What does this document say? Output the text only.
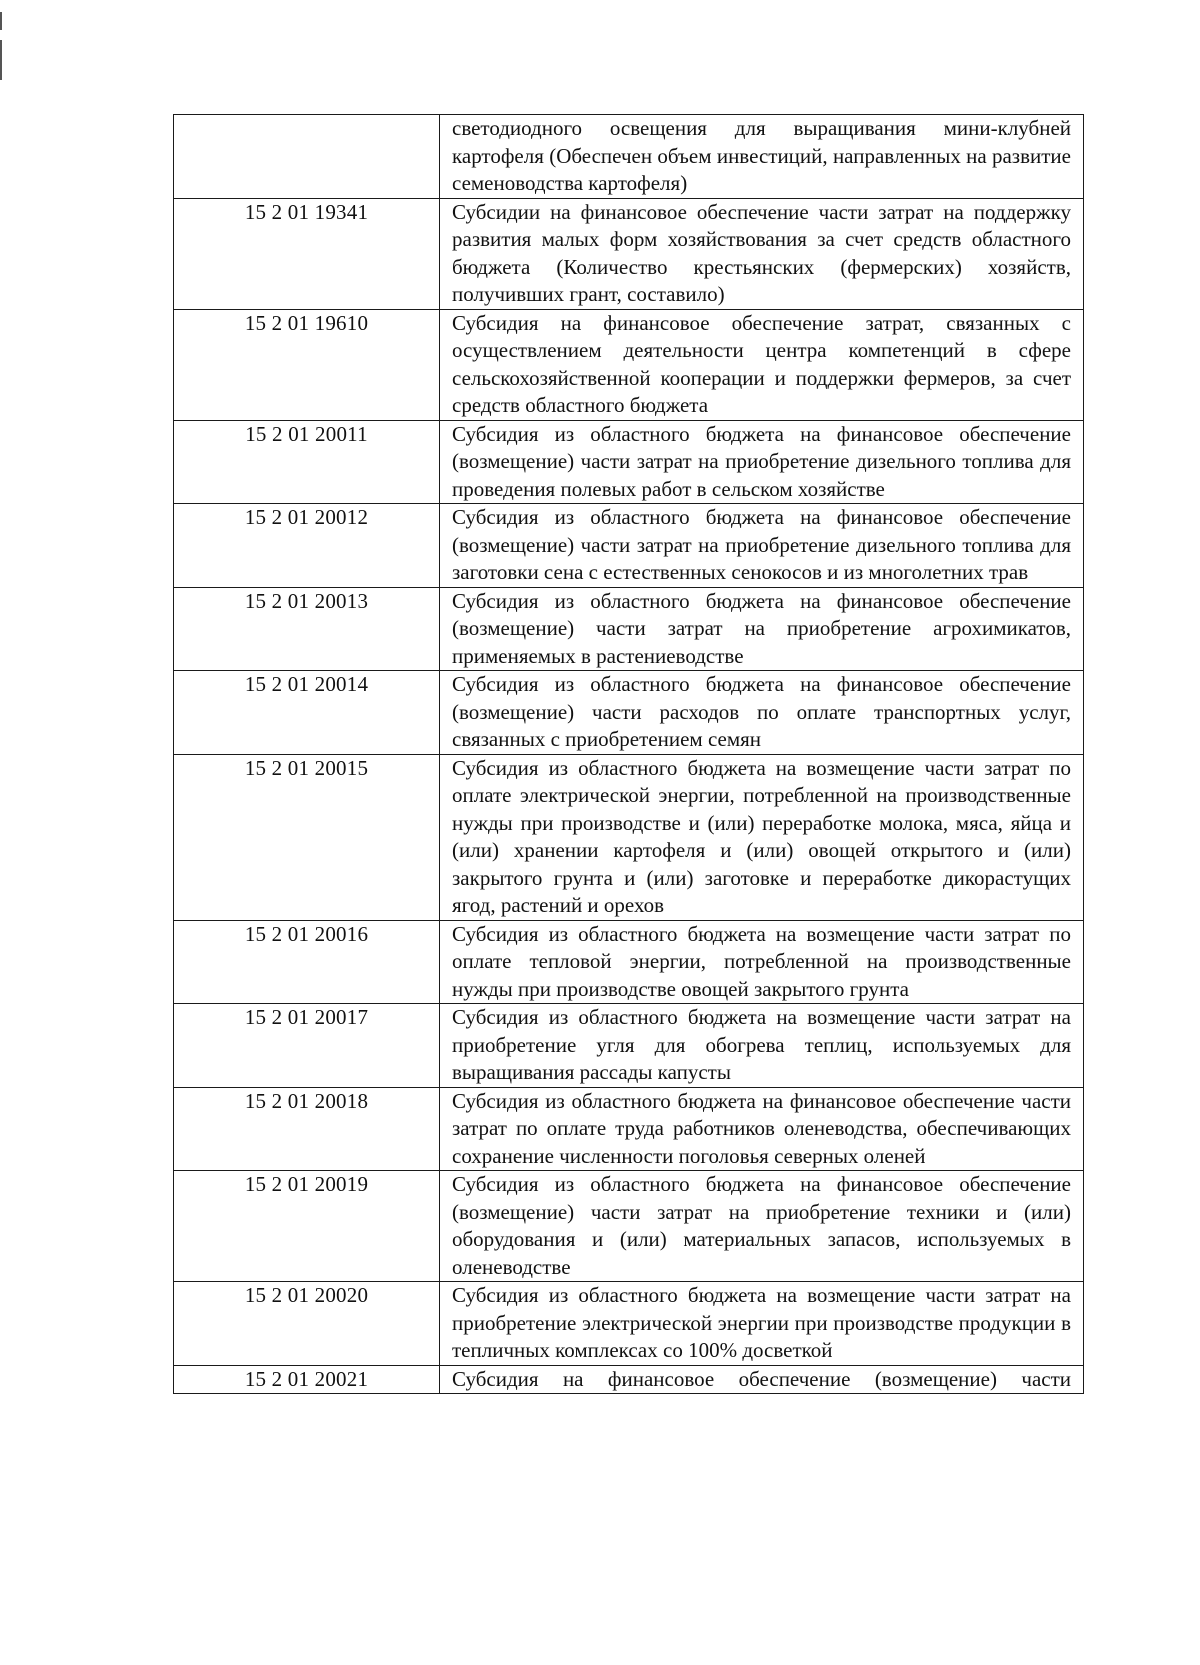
	светодиодного освещения для выращивания мини-клубней картофеля (Обеспечен объем инвестиций, направленных на развитие семеноводства картофеля)
15 2 01 19341	Субсидии на финансовое обеспечение части затрат на поддержку развития малых форм хозяйствования за счет средств областного бюджета (Количество крестьянских (фермерских) хозяйств, получивших грант, составило)
15 2 01 19610	Субсидия на финансовое обеспечение затрат, связанных с осуществлением деятельности центра компетенций в сфере сельскохозяйственной кооперации и поддержки фермеров, за счет средств областного бюджета
15 2 01 20011	Субсидия из областного бюджета на финансовое обеспечение (возмещение) части затрат на приобретение дизельного топлива для проведения полевых работ в сельском хозяйстве
15 2 01 20012	Субсидия из областного бюджета на финансовое обеспечение (возмещение) части затрат на приобретение дизельного топлива для заготовки сена с естественных сенокосов и из многолетних трав
15 2 01 20013	Субсидия из областного бюджета на финансовое обеспечение (возмещение) части затрат на приобретение агрохимикатов, применяемых в растениеводстве
15 2 01 20014	Субсидия из областного бюджета на финансовое обеспечение (возмещение) части расходов по оплате транспортных услуг, связанных с приобретением семян
15 2 01 20015	Субсидия из областного бюджета на возмещение части затрат по оплате электрической энергии, потребленной на производственные нужды при производстве и (или) переработке молока, мяса, яйца и (или) хранении картофеля и (или) овощей открытого и (или) закрытого грунта и (или) заготовке и переработке дикорастущих ягод, растений и орехов
15 2 01 20016	Субсидия из областного бюджета на возмещение части затрат по оплате тепловой энергии, потребленной на производственные нужды при производстве овощей закрытого грунта
15 2 01 20017	Субсидия из областного бюджета на возмещение части затрат на приобретение угля для обогрева теплиц, используемых для выращивания рассады капусты
15 2 01 20018	Субсидия из областного бюджета на финансовое обеспечение части затрат по оплате труда работников оленеводства, обеспечивающих сохранение численности поголовья северных оленей
15 2 01 20019	Субсидия из областного бюджета на финансовое обеспечение (возмещение) части затрат на приобретение техники и (или) оборудования и (или) материальных запасов, используемых в оленеводстве
15 2 01 20020	Субсидия из областного бюджета на возмещение части затрат на приобретение электрической энергии при производстве продукции в тепличных комплексах со 100% досветкой
15 2 01 20021	Субсидия на финансовое обеспечение (возмещение) части
